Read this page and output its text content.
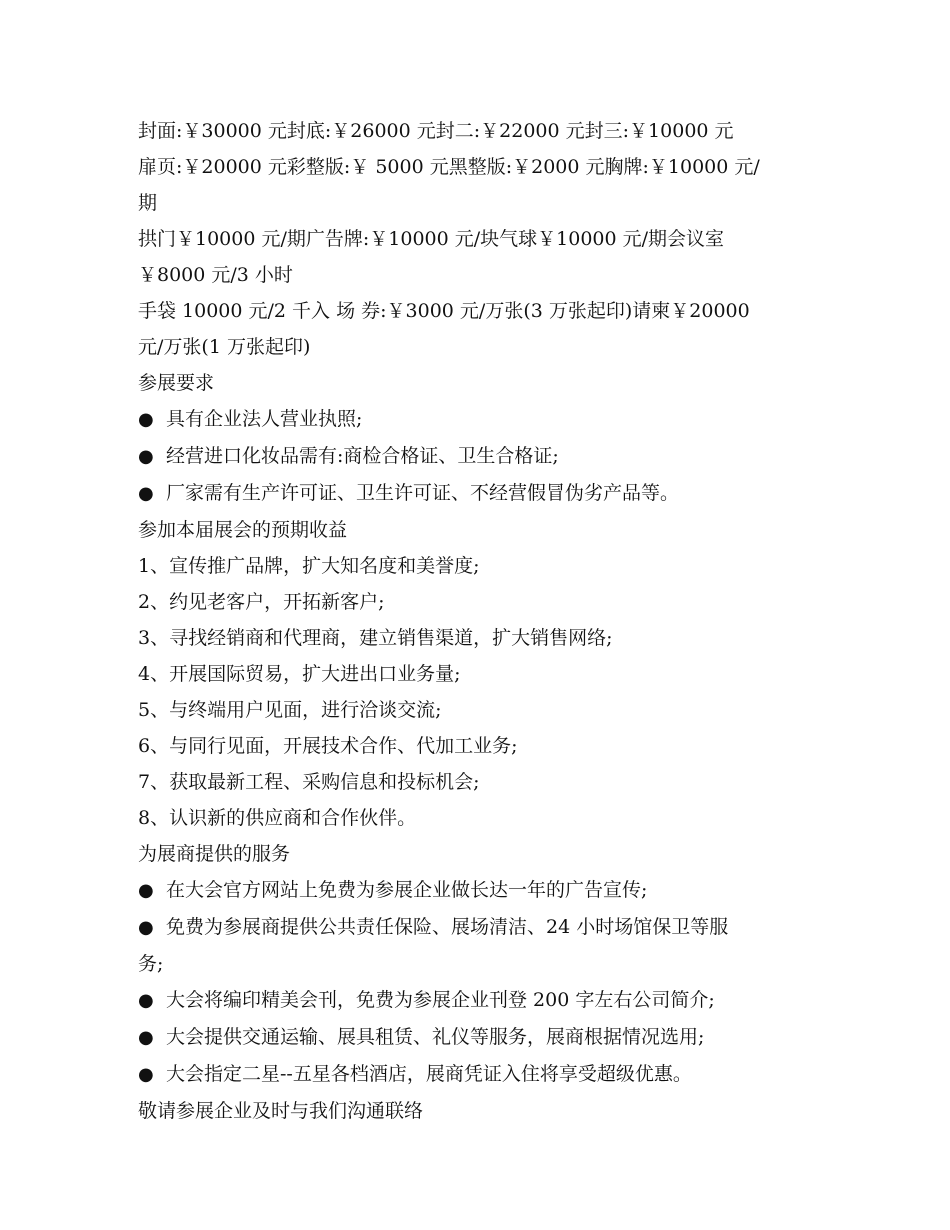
封面:￥30000 元封底:￥26000 元封二:￥22000 元封三:￥10000 元

扉页:￥20000 元彩整版:￥ 5000 元黑整版:￥2000 元胸牌:￥10000 元/

期

拱门￥10000 元/期广告牌:￥10000 元/块气球￥10000 元/期会议室

￥8000 元/3 小时

手袋 10000 元/2 千入 场 券:￥3000 元/万张(3 万张起印)请柬￥20000

元/万张(1 万张起印)

参展要求

● 具有企业法人营业执照;

● 经营进口化妆品需有:商检合格证、卫生合格证;

● 厂家需有生产许可证、卫生许可证、不经营假冒伪劣产品等。

参加本届展会的预期收益

1、宣传推广品牌，扩大知名度和美誉度;

2、约见老客户，开拓新客户;

3、寻找经销商和代理商，建立销售渠道，扩大销售网络;

4、开展国际贸易，扩大进出口业务量;

5、与终端用户见面，进行洽谈交流;

6、与同行见面，开展技术合作、代加工业务;

7、获取最新工程、采购信息和投标机会;

8、认识新的供应商和合作伙伴。

为展商提供的服务

● 在大会官方网站上免费为参展企业做长达一年的广告宣传;

● 免费为参展商提供公共责任保险、展场清洁、24 小时场馆保卫等服

务;

● 大会将编印精美会刊，免费为参展企业刊登 200 字左右公司简介;

● 大会提供交通运输、展具租赁、礼仪等服务，展商根据情况选用;

● 大会指定二星--五星各档酒店，展商凭证入住将享受超级优惠。

敬请参展企业及时与我们沟通联络
